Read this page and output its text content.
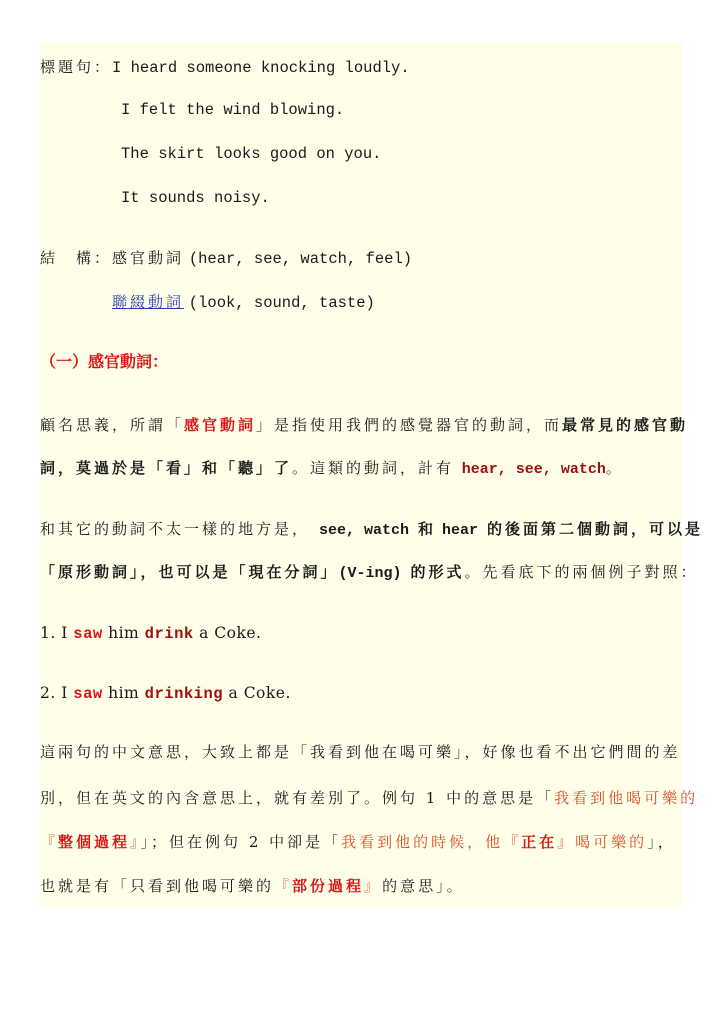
標題句：I heard someone knocking loudly.
I felt the wind blowing.
The skirt looks good on you.
It sounds noisy.
結　構：感官動詞 (hear, see, watch, feel)
聯綴動詞 (look, sound, taste)
（一）感官動詞：
顧名思義，所謂「感官動詞」是指使用我們的感覺器官的動詞，而最常見的感官動
詞，莫過於是「看」和「聽」了。這類的動詞，計有 hear, see, watch。
和其它的動詞不太一樣的地方是， see, watch 和 hear 的後面第二個動詞，可以是
「原形動詞」，也可以是「現在分詞」(V-ing) 的形式。先看底下的兩個例子對照：
1. I saw him drink a Coke.
2. I saw him drinking a Coke.
這兩句的中文意思，大致上都是「我看到他在喝可樂」，好像也看不出它們間的差
別，但在英文的內含意思上，就有差別了。例句 1 中的意思是「我看到他喝可樂的
『整個過程』」；但在例句 2 中卻是「我看到他的時候，他『正在』喝可樂的」，
也就是有「只看到他喝可樂的『部份過程』的意思」。
